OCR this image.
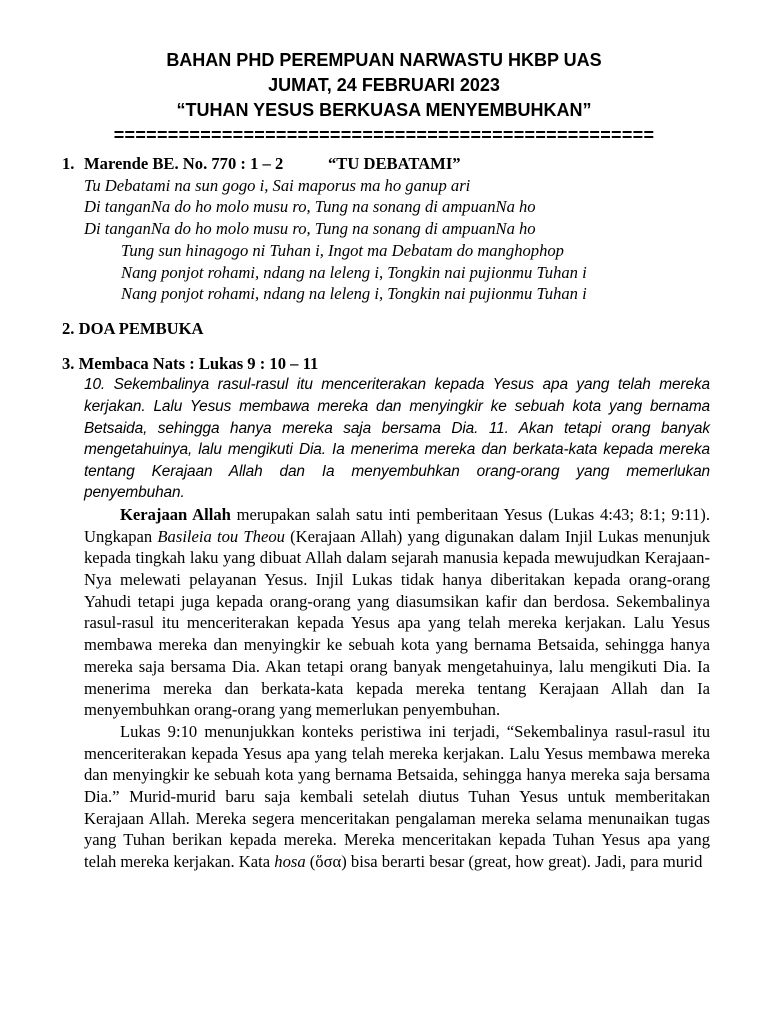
BAHAN PHD PEREMPUAN NARWASTU HKBP UAS
JUMAT, 24 FEBRUARI 2023
“TUHAN YESUS BERKUASA MENYEMBUHKAN”
==================================================
1. Marende BE. No. 770 : 1 – 2	“TU DEBATAMI”
Tu Debatami na sun gogo i, Sai maporus ma ho ganup ari
Di tanganNa do ho molo musu ro, Tung na sonang di ampuanNa ho
Di tanganNa do ho molo musu ro, Tung na sonang di ampuanNa ho
Tung sun hinagogo ni Tuhan i, Ingot ma Debatam do manghophop
Nang ponjot rohami, ndang na leleng i, Tongkin nai pujionmu Tuhan i
Nang ponjot rohami, ndang na leleng i, Tongkin nai pujionmu Tuhan i
2. DOA PEMBUKA
3. Membaca Nats : Lukas 9 : 10 – 11
10. Sekembalinya rasul-rasul itu menceriterakan kepada Yesus apa yang telah mereka kerjakan. Lalu Yesus membawa mereka dan menyingkir ke sebuah kota yang bernama Betsaida, sehingga hanya mereka saja bersama Dia. 11. Akan tetapi orang banyak mengetahuinya, lalu mengikuti Dia. Ia menerima mereka dan berkata-kata kepada mereka tentang Kerajaan Allah dan Ia menyembuhkan orang-orang yang memerlukan penyembuhan.
Kerajaan Allah merupakan salah satu inti pemberitaan Yesus (Lukas 4:43; 8:1; 9:11). Ungkapan Basileia tou Theou (Kerajaan Allah) yang digunakan dalam Injil Lukas menunjuk kepada tingkah laku yang dibuat Allah dalam sejarah manusia kepada mewujudkan Kerajaan-Nya melewati pelayanan Yesus. Injil Lukas tidak hanya diberitakan kepada orang-orang Yahudi tetapi juga kepada orang-orang yang diasumsikan kafir dan berdosa. Sekembalinya rasul-rasul itu menceriterakan kepada Yesus apa yang telah mereka kerjakan. Lalu Yesus membawa mereka dan menyingkir ke sebuah kota yang bernama Betsaida, sehingga hanya mereka saja bersama Dia. Akan tetapi orang banyak mengetahuinya, lalu mengikuti Dia. Ia menerima mereka dan berkata-kata kepada mereka tentang Kerajaan Allah dan Ia menyembuhkan orang-orang yang memerlukan penyembuhan.
Lukas 9:10 menunjukkan konteks peristiwa ini terjadi, “Sekembalinya rasul-rasul itu menceriterakan kepada Yesus apa yang telah mereka kerjakan. Lalu Yesus membawa mereka dan menyingkir ke sebuah kota yang bernama Betsaida, sehingga hanya mereka saja bersama Dia.” Murid-murid baru saja kembali setelah diutus Tuhan Yesus untuk memberitakan Kerajaan Allah. Mereka segera menceritakan pengalaman mereka selama menunaikan tugas yang Tuhan berikan kepada mereka. Mereka menceritakan kepada Tuhan Yesus apa yang telah mereka kerjakan. Kata hosa (ὅσα) bisa berarti besar (great, how great). Jadi, para murid
